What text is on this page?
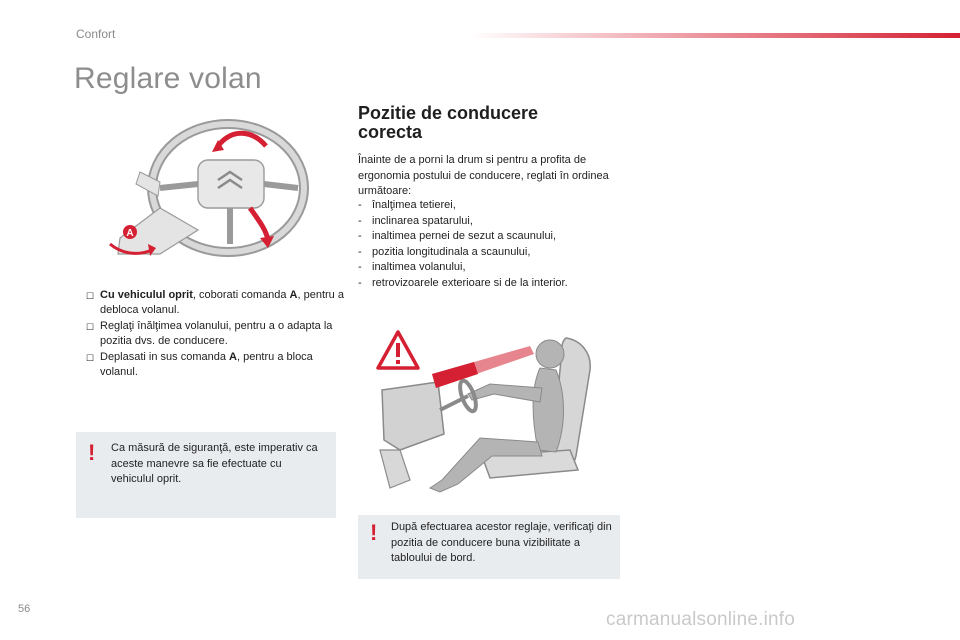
Confort
Reglare volan
A
☐ Cu vehiculul oprit, coborati comanda A, pentru a debloca volanul.
☐ Reglaţi înălţimea volanului, pentru a o adapta la pozitia dvs. de conducere.
☐ Deplasati in sus comanda A, pentru a bloca volanul.
! Ca măsură de siguranţă, este imperativ ca aceste manevre sa fie efectuate cu vehiculul oprit.
Pozitie de conducere corecta

Înainte de a porni la drum si pentru a profita de ergonomia postului de conducere, reglati în ordinea următoare:

- înalţimea tetierei,
- inclinarea spatarului,
- inaltimea pernei de sezut a scaunului,
- pozitia longitudinala a scaunului,
- inaltimea volanului,
- retrovizoarele exterioare si de la interior.
! După efectuarea acestor reglaje, verificaţi din pozitia de conducere buna vizibilitate a tabloului de bord.
56	carmanualsonline.info
